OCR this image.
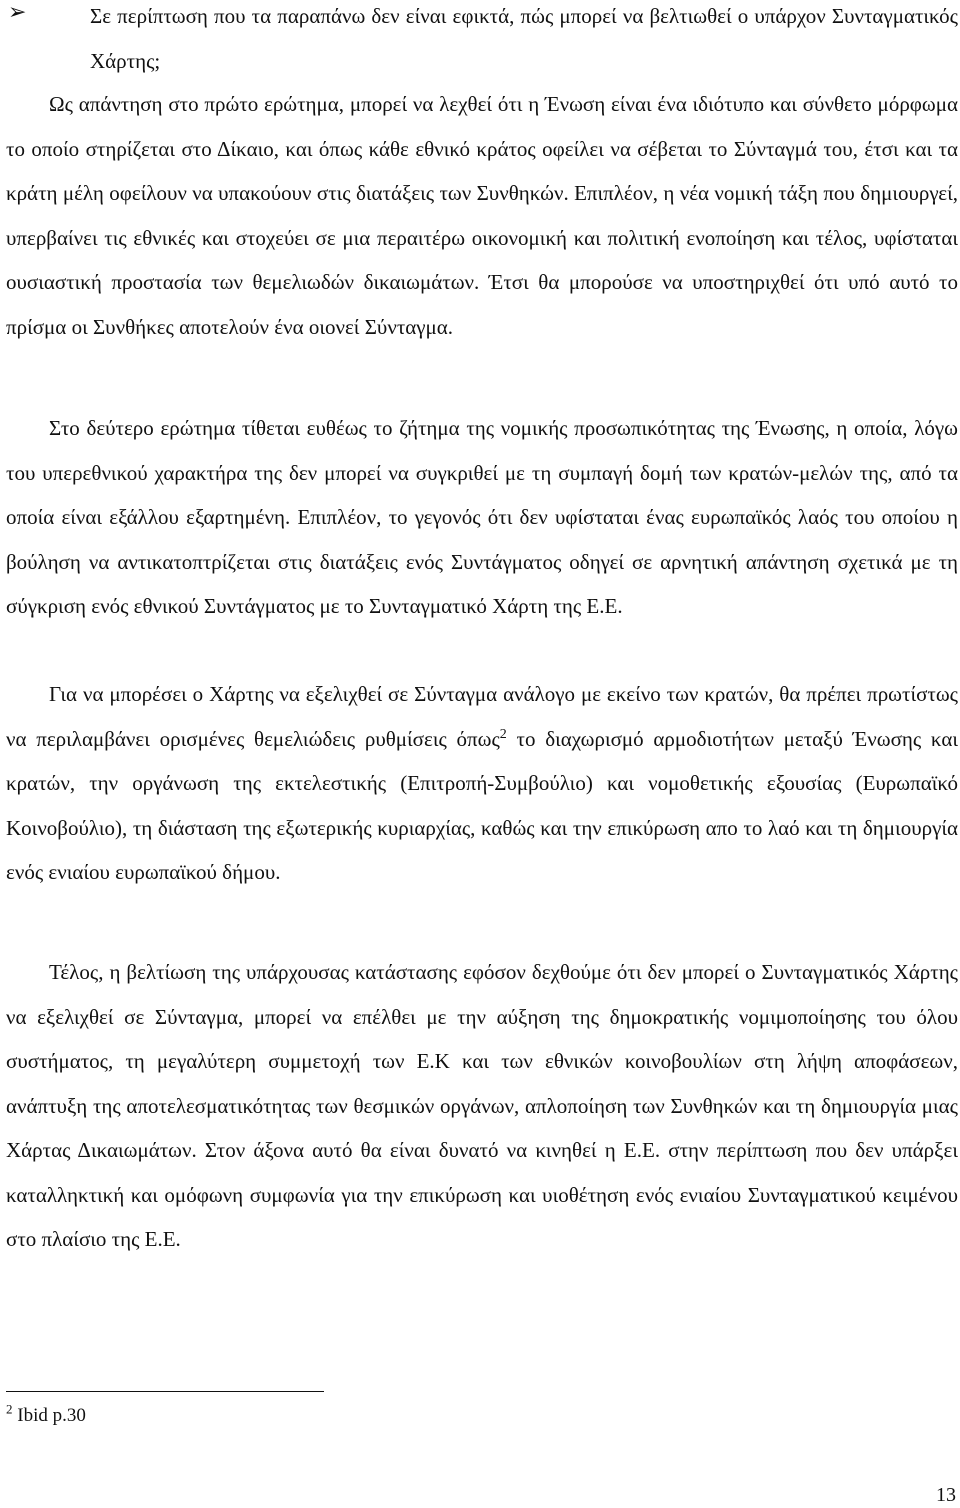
➢	Σε περίπτωση που τα παραπάνω δεν είναι εφικτά, πώς μπορεί να βελτιωθεί ο υπάρχον Συνταγματικός Χάρτης;

Ως απάντηση στο πρώτο ερώτημα, μπορεί να λεχθεί ότι η Ένωση είναι ένα ιδιότυπο και σύνθετο μόρφωμα το οποίο στηρίζεται στο Δίκαιο, και όπως κάθε εθνικό κράτος οφείλει να σέβεται το Σύνταγμά του, έτσι και τα κράτη μέλη οφείλουν να υπακούουν στις διατάξεις των Συνθηκών. Επιπλέον, η νέα νομική τάξη που δημιουργεί, υπερβαίνει τις εθνικές και στοχεύει σε μια περαιτέρω οικονομική και πολιτική ενοποίηση και τέλος, υφίσταται ουσιαστική προστασία των θεμελιωδών δικαιωμάτων. Έτσι θα μπορούσε να υποστηριχθεί ότι υπό αυτό το πρίσμα οι Συνθήκες αποτελούν ένα οιονεί Σύνταγμα.

Στο δεύτερο ερώτημα τίθεται ευθέως το ζήτημα της νομικής προσωπικότητας της Ένωσης, η οποία, λόγω του υπερεθνικού χαρακτήρα της δεν μπορεί να συγκριθεί με τη συμπαγή δομή των κρατών-μελών της, από τα οποία είναι εξάλλου εξαρτημένη. Επιπλέον, το γεγονός ότι δεν υφίσταται ένας ευρωπαϊκός λαός του οποίου η βούληση να αντικατοπτρίζεται στις διατάξεις ενός Συντάγματος οδηγεί σε αρνητική απάντηση σχετικά με τη σύγκριση ενός εθνικού Συντάγματος με το Συνταγματικό Χάρτη της Ε.Ε.

Για να μπορέσει ο Χάρτης να εξελιχθεί σε Σύνταγμα ανάλογο με εκείνο των κρατών, θα πρέπει πρωτίστως να περιλαμβάνει ορισμένες θεμελιώδεις ρυθμίσεις όπως$^2$ το διαχωρισμό αρμοδιοτήτων μεταξύ Ένωσης και κρατών, την οργάνωση της εκτελεστικής (Επιτροπή-Συμβούλιο) και νομοθετικής εξουσίας (Ευρωπαϊκό Κοινοβούλιο), τη διάσταση της εξωτερικής κυριαρχίας, καθώς και την επικύρωση απο το λαό και τη δημιουργία ενός ενιαίου ευρωπαϊκού δήμου.

Τέλος, η βελτίωση της υπάρχουσας κατάστασης εφόσον δεχθούμε ότι δεν μπορεί ο Συνταγματικός Χάρτης να εξελιχθεί σε Σύνταγμα, μπορεί να επέλθει με την αύξηση της δημοκρατικής νομιμοποίησης του όλου συστήματος, τη μεγαλύτερη συμμετοχή των Ε.Κ και των εθνικών κοινοβουλίων στη λήψη αποφάσεων, ανάπτυξη της αποτελεσματικότητας των θεσμικών οργάνων, απλοποίηση των Συνθηκών και τη δημιουργία μιας Χάρτας Δικαιωμάτων. Στον άξονα αυτό θα είναι δυνατό να κινηθεί η Ε.Ε. στην περίπτωση που δεν υπάρξει καταλληκτική και ομόφωνη συμφωνία για την επικύρωση και υιοθέτηση ενός ενιαίου Συνταγματικού κειμένου στο πλαίσιο της Ε.Ε.

$^2$ Ibid p.30
13
